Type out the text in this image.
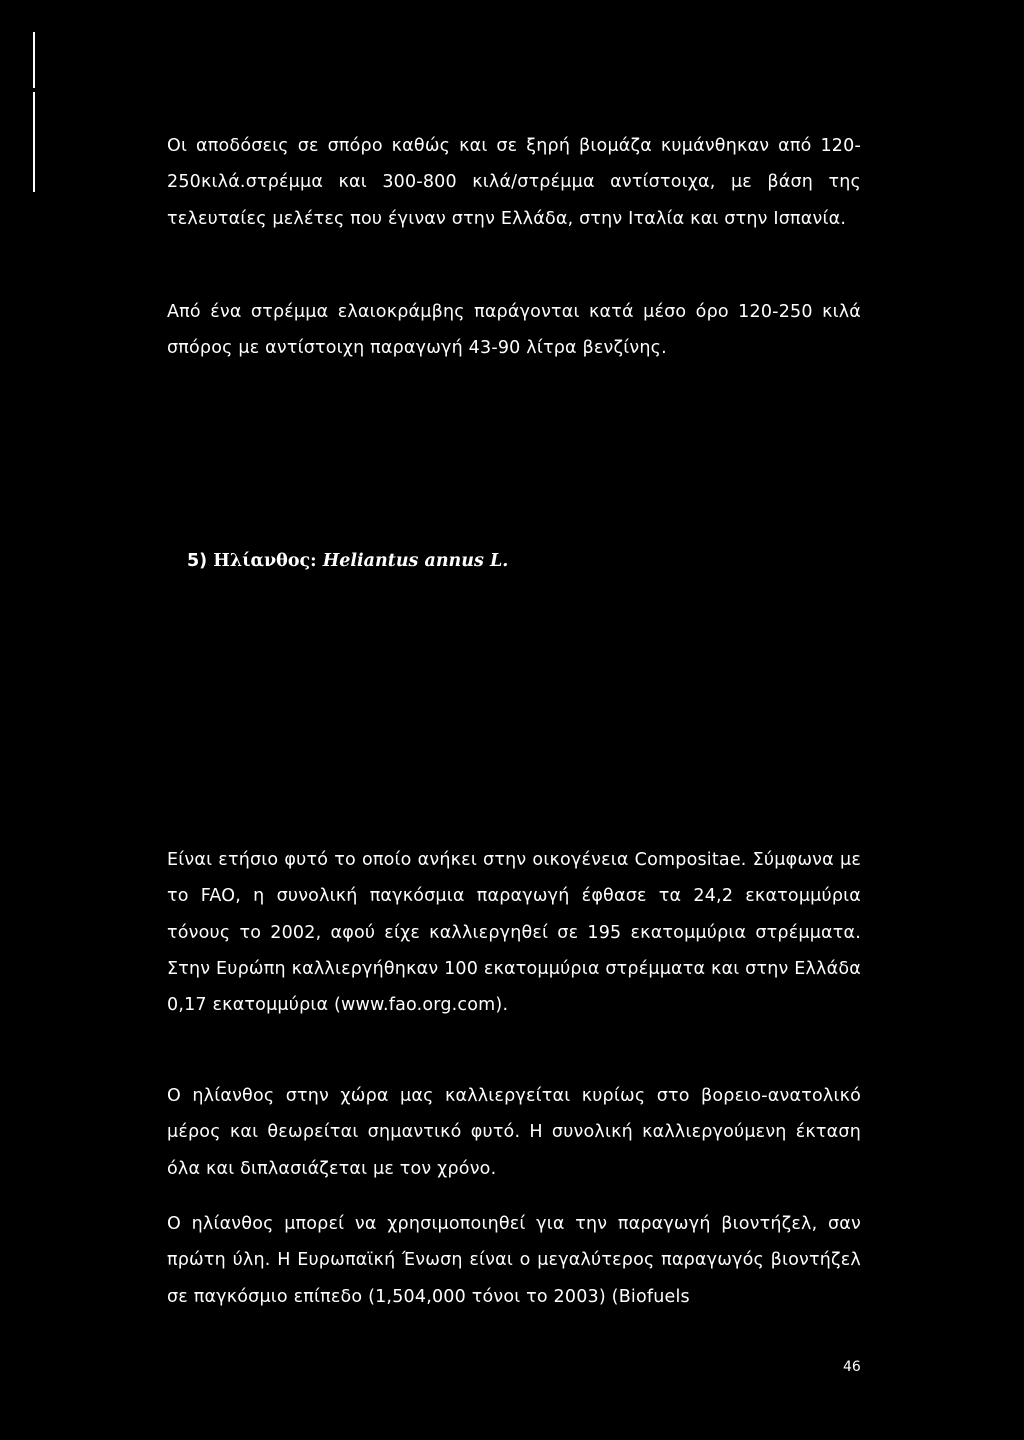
Οι αποδόσεις σε σπόρο καθώς και σε ξηρή βιομάζα κυμάνθηκαν από 120-250κιλά.στρέμμα και 300-800 κιλά/στρέμμα αντίστοιχα, με βάση της τελευταίες μελέτες που έγιναν στην Ελλάδα, στην Ιταλία και στην Ισπανία.

Από ένα στρέμμα ελαιοκράμβης παράγονται κατά μέσο όρο 120-250 κιλά σπόρος με αντίστοιχη παραγωγή 43-90 λίτρα βενζίνης.

5) Ηλίανθος: Heliantus annus L.

Είναι ετήσιο φυτό το οποίο ανήκει στην οικογένεια Compositae. Σύμφωνα με το FAO, η συνολική παγκόσμια παραγωγή έφθασε τα 24,2 εκατομμύρια τόνους το 2002, αφού είχε καλλιεργηθεί σε 195 εκατομμύρια στρέμματα. Στην Ευρώπη καλλιεργήθηκαν 100 εκατομμύρια στρέμματα και στην Ελλάδα 0,17 εκατομμύρια (www.fao.org.com).

Ο ηλίανθος στην χώρα μας καλλιεργείται κυρίως στο βορειο-ανατολικό μέρος και θεωρείται σημαντικό φυτό. Η συνολική καλλιεργούμενη έκταση όλα και διπλασιάζεται με τον χρόνο.

Ο ηλίανθος μπορεί να χρησιμοποιηθεί για την παραγωγή βιοντήζελ, σαν πρώτη ύλη. Η Ευρωπαϊκή Ένωση είναι ο μεγαλύτερος παραγωγός βιοντήζελ σε παγκόσμιο επίπεδο (1,504,000 τόνοι το 2003) (Biofuels

46
